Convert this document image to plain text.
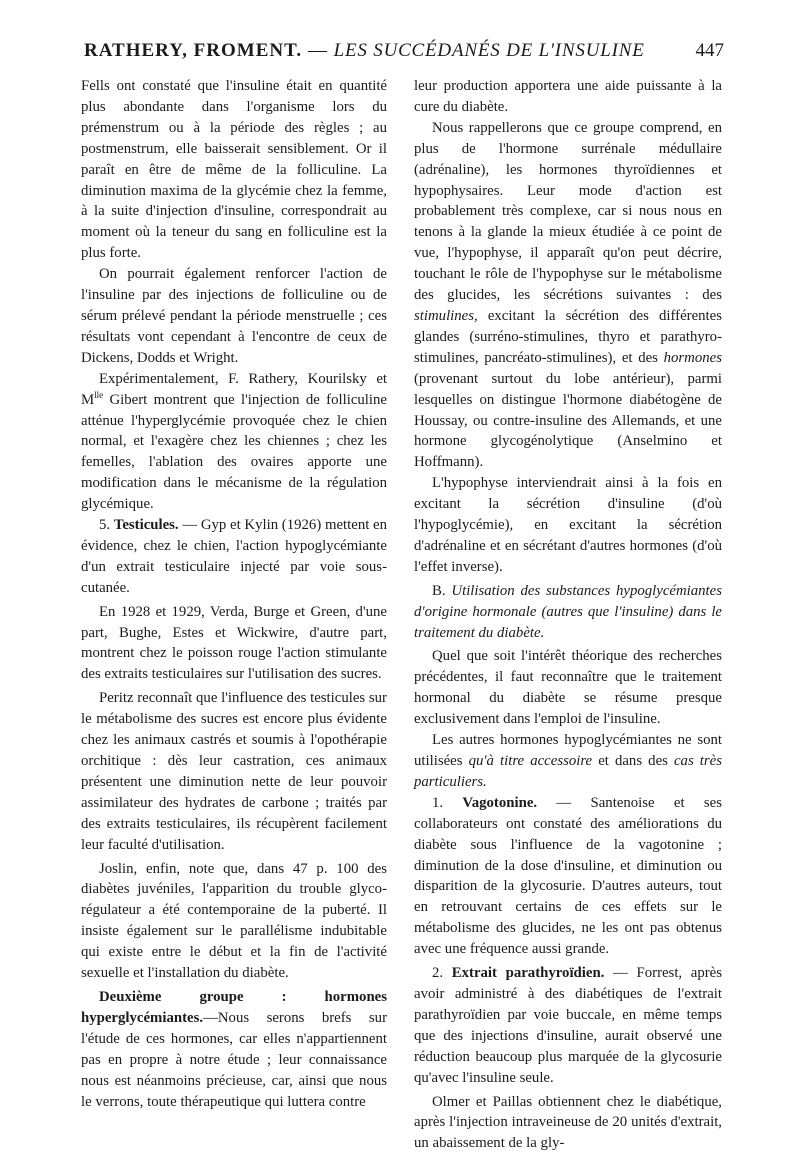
RATHERY, FROMENT. — LES SUCCÉDANÉS DE L'INSULINE	447

Fells ont constaté que l'insuline était en quantité plus abondante dans l'organisme lors du prémenstrum ou à la période des règles ; au postmenstrum, elle baisserait sensiblement. Or il paraît en être de même de la folliculine. La diminution maxima de la glycémie chez la femme, à la suite d'injection d'insuline, correspondrait au moment où la teneur du sang en folliculine est la plus forte.

On pourrait également renforcer l'action de l'insuline par des injections de folliculine ou de sérum prélevé pendant la période menstruelle ; ces résultats vont cependant à l'encontre de ceux de Dickens, Dodds et Wright.

Expérimentalement, F. Rathery, Kourilsky et $M^{lle}$ Gibert montrent que l'injection de folliculine atténue l'hyperglycémie provoquée chez le chien normal, et l'exagère chez les chiennes ; chez les femelles, l'ablation des ovaires apporte une modification dans le mécanisme de la régulation glycémique.

5. Testicules. — Gyp et Kylin (1926) mettent en évidence, chez le chien, l'action hypoglycémiante d'un extrait testiculaire injecté par voie sous-cutanée.

En 1928 et 1929, Verda, Burge et Green, d'une part, Bughe, Estes et Wickwire, d'autre part, montrent chez le poisson rouge l'action stimulante des extraits testiculaires sur l'utilisation des sucres.

Peritz reconnaît que l'influence des testicules sur le métabolisme des sucres est encore plus évidente chez les animaux castrés et soumis à l'opothérapie orchitique : dès leur castration, ces animaux présentent une diminution nette de leur pouvoir assimilateur des hydrates de carbone ; traités par des extraits testiculaires, ils récupèrent facilement leur faculté d'utilisation.

Joslin, enfin, note que, dans 47 p. 100 des diabètes juvéniles, l'apparition du trouble glyco-régulateur a été contemporaine de la puberté. Il insiste également sur le parallélisme indubitable qui existe entre le début et la fin de l'activité sexuelle et l'installation du diabète.

Deuxième groupe : hormones hyperglycémiantes.—Nous serons brefs sur l'étude de ces hormones, car elles n'appartiennent pas en propre à notre étude ; leur connaissance nous est néanmoins précieuse, car, ainsi que nous le verrons, toute thérapeutique qui luttera contre

leur production apportera une aide puissante à la cure du diabète.

Nous rappellerons que ce groupe comprend, en plus de l'hormone surrénale médullaire (adrénaline), les hormones thyroïdiennes et hypophysaires. Leur mode d'action est probablement très complexe, car si nous nous en tenons à la glande la mieux étudiée à ce point de vue, l'hypophyse, il apparaît qu'on peut décrire, touchant le rôle de l'hypophyse sur le métabolisme des glucides, les sécrétions suivantes : des stimulines, excitant la sécrétion des différentes glandes (surréno-stimulines, thyro et parathyro-stimulines, pancréato-stimulines), et des hormones (provenant surtout du lobe antérieur), parmi lesquelles on distingue l'hormone diabétogène de Houssay, ou contre-insuline des Allemands, et une hormone glycogénolytique (Anselmino et Hoffmann).

L'hypophyse interviendrait ainsi à la fois en excitant la sécrétion d'insuline (d'où l'hypoglycémie), en excitant la sécrétion d'adrénaline et en sécrétant d'autres hormones (d'où l'effet inverse).

B. Utilisation des substances hypoglycémiantes d'origine hormonale (autres que l'insuline) dans le traitement du diabète.

Quel que soit l'intérêt théorique des recherches précédentes, il faut reconnaître que le traitement hormonal du diabète se résume presque exclusivement dans l'emploi de l'insuline.

Les autres hormones hypoglycémiantes ne sont utilisées qu'à titre accessoire et dans des cas très particuliers.

1. Vagotonine. — Santenoise et ses collaborateurs ont constaté des améliorations du diabète sous l'influence de la vagotonine ; diminution de la dose d'insuline, et diminution ou disparition de la glycosurie. D'autres auteurs, tout en retrouvant certains de ces effets sur le métabolisme des glucides, ne les ont pas obtenus avec une fréquence aussi grande.

2. Extrait parathyroïdien. — Forrest, après avoir administré à des diabétiques de l'extrait parathyroïdien par voie buccale, en même temps que des injections d'insuline, aurait observé une réduction beaucoup plus marquée de la glycosurie qu'avec l'insuline seule.

Olmer et Paillas obtiennent chez le diabétique, après l'injection intraveineuse de 20 unités d'extrait, un abaissement de la gly-
